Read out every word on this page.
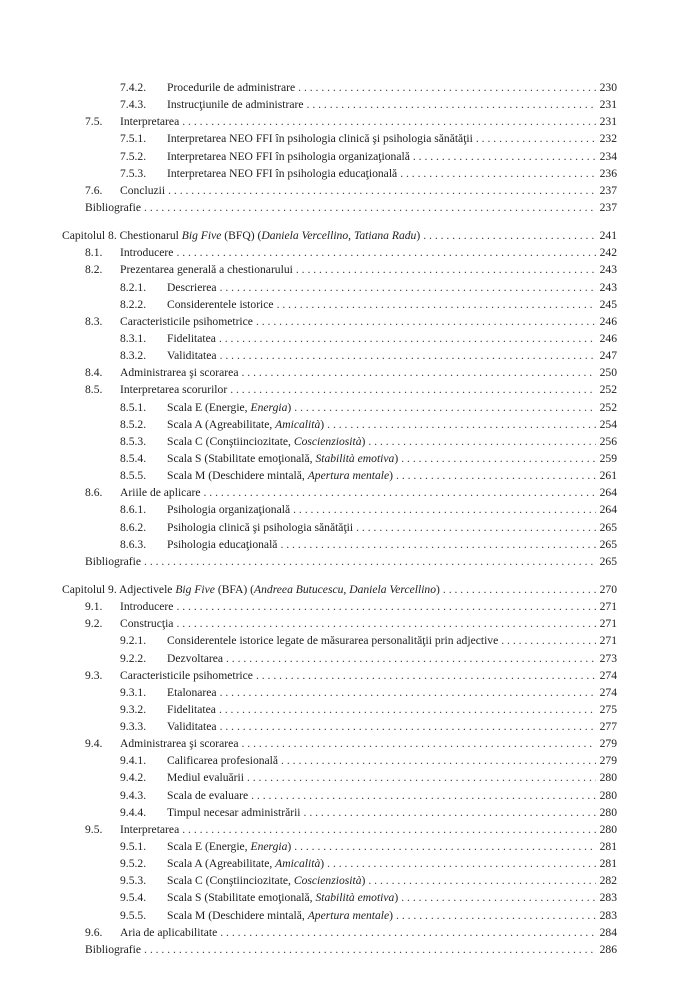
7.4.2.	Procedurile de administrare . . .	230
7.4.3.	Instrucţiunile de administrare . . .	231
7.5.	Interpretarea . . .	231
7.5.1.	Interpretarea NEO FFI în psihologia clinică şi psihologia sănătăţii . . .	232
7.5.2.	Interpretarea NEO FFI în psihologia organizaţională . . .	234
7.5.3.	Interpretarea NEO FFI în psihologia educaţională . . .	236
7.6.	Concluzii . . .	237
Bibliografie . . .	237
Capitolul 8. Chestionarul Big Five (BFQ) (Daniela Vercellino, Tatiana Radu) . . .	241
8.1.	Introducere . . .	242
8.2.	Prezentarea generală a chestionarului . . .	243
8.2.1.	Descrierea . . .	243
8.2.2.	Considerentele istorice . . .	245
8.3.	Caracteristicile psihometrice . . .	246
8.3.1.	Fidelitatea . . .	246
8.3.2.	Validitatea . . .	247
8.4.	Administrarea şi scorarea . . .	250
8.5.	Interpretarea scorurilor . . .	252
8.5.1.	Scala E (Energie, Energia) . . .	252
8.5.2.	Scala A (Agreabilitate, Amicalità) . . .	254
8.5.3.	Scala C (Conştiinciozitate, Coscienziosità) . . .	256
8.5.4.	Scala S (Stabilitate emoţională, Stabilità emotiva) . . .	259
8.5.5.	Scala M (Deschidere mintală, Apertura mentale) . . .	261
8.6.	Ariile de aplicare . . .	264
8.6.1.	Psihologia organizaţională . . .	264
8.6.2.	Psihologia clinică şi psihologia sănătăţii . . .	265
8.6.3.	Psihologia educaţională . . .	265
Bibliografie . . .	265
Capitolul 9. Adjectivele Big Five (BFA) (Andreea Butucescu, Daniela Vercellino) . . .	270
9.1.	Introducere . . .	271
9.2.	Construcţia . . .	271
9.2.1.	Considerentele istorice legate de măsurarea personalităţii prin adjective . . .	271
9.2.2.	Dezvoltarea . . .	273
9.3.	Caracteristicile psihometrice . . .	274
9.3.1.	Etalonarea . . .	274
9.3.2.	Fidelitatea . . .	275
9.3.3.	Validitatea . . .	277
9.4.	Administrarea şi scorarea . . .	279
9.4.1.	Calificarea profesională . . .	279
9.4.2.	Mediul evaluării . . .	280
9.4.3.	Scala de evaluare . . .	280
9.4.4.	Timpul necesar administrării . . .	280
9.5.	Interpretarea . . .	280
9.5.1.	Scala E (Energie, Energia) . . .	281
9.5.2.	Scala A (Agreabilitate, Amicalità) . . .	281
9.5.3.	Scala C (Conştiinciozitate, Coscienziosità) . . .	282
9.5.4.	Scala S (Stabilitate emoţională, Stabilità emotiva) . . .	283
9.5.5.	Scala M (Deschidere mintală, Apertura mentale) . . .	283
9.6.	Aria de aplicabilitate . . .	284
Bibliografie . . .	286
